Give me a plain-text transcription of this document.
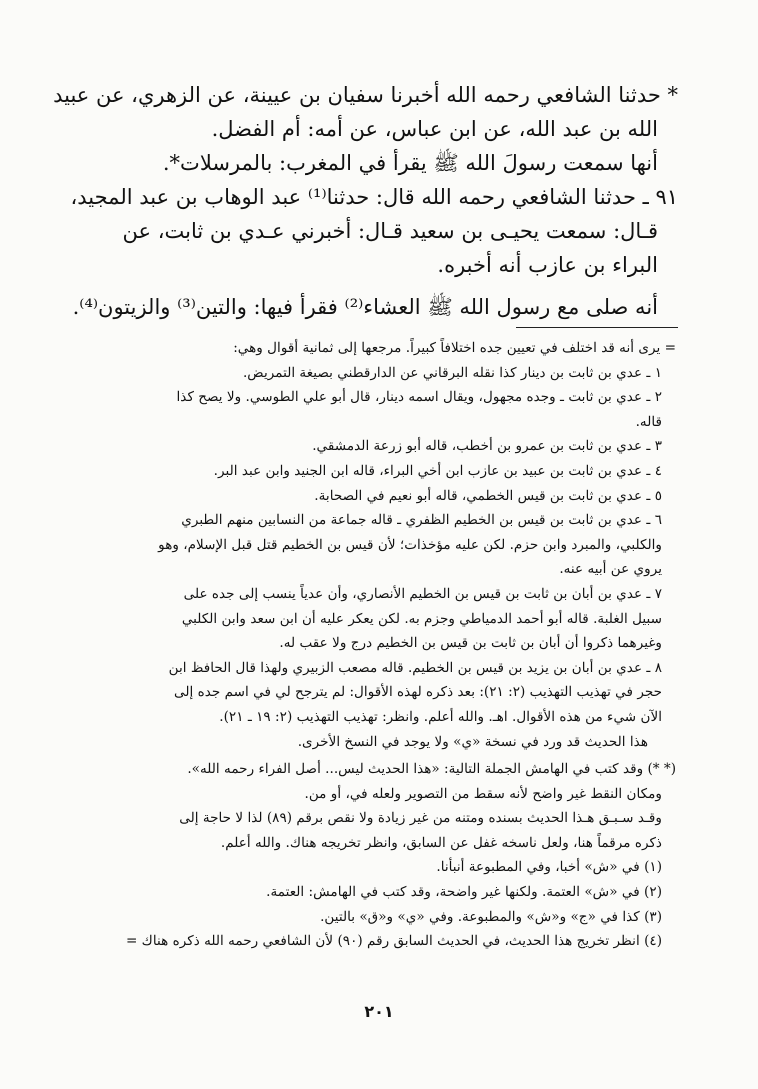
* حدثنا الشافعي رحمه الله أخبرنا سفيان بن عيينة، عن الزهري، عن عبيد

الله بن عبد الله، عن ابن عباس، عن أمه: أم الفضل.

أنها سمعت رسولَ الله ﷺ يقرأ في المغرب: بالمرسلات*.

٩١ ـ حدثنا الشافعي رحمه الله قال: حدثنا⁽¹⁾ عبد الوهاب بن عبد المجيد،

قـال: سمعت يحيـى بن سعيد قـال: أخبرني عـدي بن ثابت، عن

البراء بن عازب أنه أخبره.

أنه صلى مع رسول الله ﷺ العشاء⁽²⁾ فقرأ فيها: والتين⁽³⁾ والزيتون⁽⁴⁾.

= يرى أنه قد اختلف في تعيين جده اختلافاً كبيراً. مرجعها إلى ثمانية أقوال وهي:

١ ـ عدي بن ثابت بن دينار كذا نقله البرقاني عن الدارقطني بصيغة التمريض.

٢ ـ عدي بن ثابت ـ وجده مجهول، ويقال اسمه دينار، قال أبو علي الطوسي. ولا يصح كذا

قاله.

٣ ـ عدي بن ثابت بن عمرو بن أخطب، قاله أبو زرعة الدمشقي.

٤ ـ عدي بن ثابت بن عبيد بن عازب ابن أخي البراء، قاله ابن الجنيد وابن عبد البر.

٥ ـ عدي بن ثابت بن قيس الخطمي، قاله أبو نعيم في الصحابة.

٦ ـ عدي بن ثابت بن قيس بن الخطيم الظفري ـ قاله جماعة من النسابين منهم الطبري

والكلبي، والمبرد وابن حزم. لكن عليه مؤخذات؛ لأن قيس بن الخطيم قتل قبل الإسلام، وهو

يروي عن أبيه عنه.

٧ ـ عدي بن أبان بن ثابت بن قيس بن الخطيم الأنصاري، وأن عدياً ينسب إلى جده على

سبيل الغلبة. قاله أبو أحمد الدمياطي وجزم به. لكن يعكر عليه أن ابن سعد وابن الكلبي

وغيرهما ذكروا أن أبان بن ثابت بن قيس بن الخطيم درج ولا عقب له.

٨ ـ عدي بن أبان بن يزيد بن قيس بن الخطيم. قاله مصعب الزبيري ولهذا قال الحافظ ابن

حجر في تهذيب التهذيب (٢: ٢١): بعد ذكره لهذه الأقوال: لم يترجح لي في اسم جده إلى

الآن شيء من هذه الأقوال. اهـ. والله أعلم. وانظر: تهذيب التهذيب (٢: ١٩ ـ ٢١).

هذا الحديث قد ورد في نسخة «ي» ولا يوجد في النسخ الأخرى.

(* *) وقد كتب في الهامش الجملة التالية: «هذا الحديث ليس... أصل الفراء رحمه الله».

ومكان النقط غير واضح لأنه سقط من التصوير ولعله في، أو من.

وقـد سـبـق هـذا الحديث بسنده ومتنه من غير زيادة ولا نقص برقم (٨٩) لذا لا حاجة إلى

ذكره مرقماً هنا، ولعل ناسخه غفل عن السابق، وانظر تخريجه هناك. والله أعلم.

(١) في «ش» أخبا، وفي المطبوعة أنبأنا.

(٢) في «ش» العتمة. ولكنها غير واضحة، وقد كتب في الهامش: العتمة.

(٣) كذا في «ج» و«ش» والمطبوعة. وفي «ي» و«ق» بالتين.

(٤) انظر تخريج هذا الحديث، في الحديث السابق رقم (٩٠) لأن الشافعي رحمه الله ذكره هناك =

٢٠١
